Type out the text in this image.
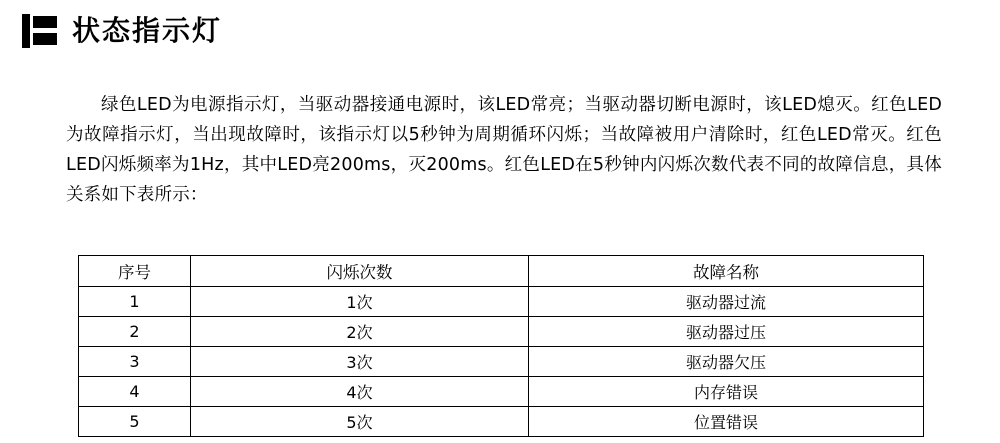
状态指示灯
绿色LED为电源指示灯，当驱动器接通电源时，该LED常亮；当驱动器切断电源时，该LED熄灭。红色LED为故障指示灯，当出现故障时，该指示灯以5秒钟为周期循环闪烁；当故障被用户清除时，红色LED常灭。红色LED闪烁频率为1Hz，其中LED亮200ms，灭200ms。红色LED在5秒钟内闪烁次数代表不同的故障信息，具体关系如下表所示：
序号	闪烁次数	故障名称
1	1次	驱动器过流
2	2次	驱动器过压
3	3次	驱动器欠压
4	4次	内存错误
5	5次	位置错误
